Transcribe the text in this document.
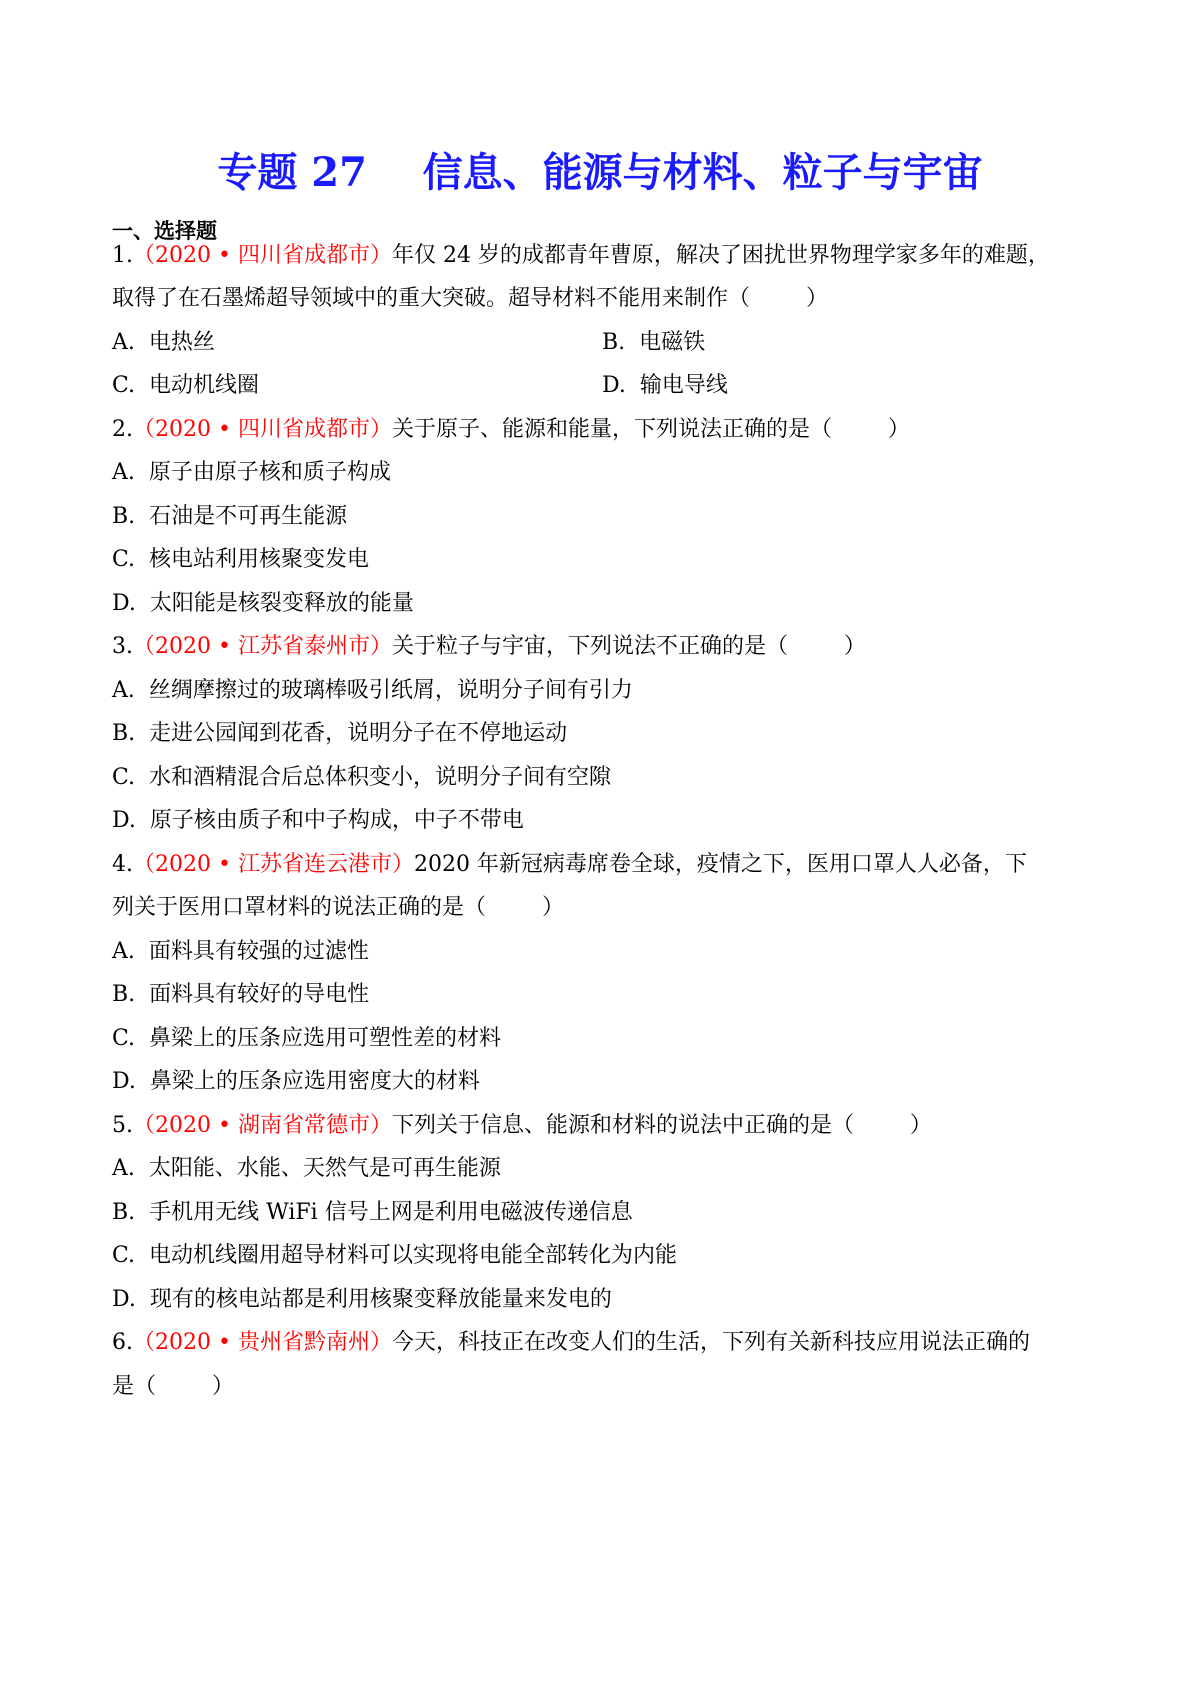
专题 27    信息、能源与材料、粒子与宇宙
一、选择题
1.（2020 • 四川省成都市）年仅 24 岁的成都青年曹原，解决了困扰世界物理学家多年的难题，
取得了在石墨烯超导领域中的重大突破。超导材料不能用来制作（        ）
A.  电热丝	B.  电磁铁
C.  电动机线圈	D.  输电导线
2.（2020 • 四川省成都市）关于原子、能源和能量，下列说法正确的是（        ）
A.  原子由原子核和质子构成
B.  石油是不可再生能源
C.  核电站利用核聚变发电
D.  太阳能是核裂变释放的能量
3.（2020 • 江苏省泰州市）关于粒子与宇宙，下列说法不正确的是（        ）
A.  丝绸摩擦过的玻璃棒吸引纸屑，说明分子间有引力
B.  走进公园闻到花香，说明分子在不停地运动
C.  水和酒精混合后总体积变小，说明分子间有空隙
D.  原子核由质子和中子构成，中子不带电
4.（2020 • 江苏省连云港市）2020 年新冠病毒席卷全球，疫情之下，医用口罩人人必备，下
列关于医用口罩材料的说法正确的是（        ）
A.  面料具有较强的过滤性
B.  面料具有较好的导电性
C.  鼻梁上的压条应选用可塑性差的材料
D.  鼻梁上的压条应选用密度大的材料
5.（2020 • 湖南省常德市）下列关于信息、能源和材料的说法中正确的是（        ）
A.  太阳能、水能、天然气是可再生能源
B.  手机用无线 WiFi 信号上网是利用电磁波传递信息
C.  电动机线圈用超导材料可以实现将电能全部转化为内能
D.  现有的核电站都是利用核聚变释放能量来发电的
6.（2020 • 贵州省黔南州）今天，科技正在改变人们的生活，下列有关新科技应用说法正确的
是（        ）
